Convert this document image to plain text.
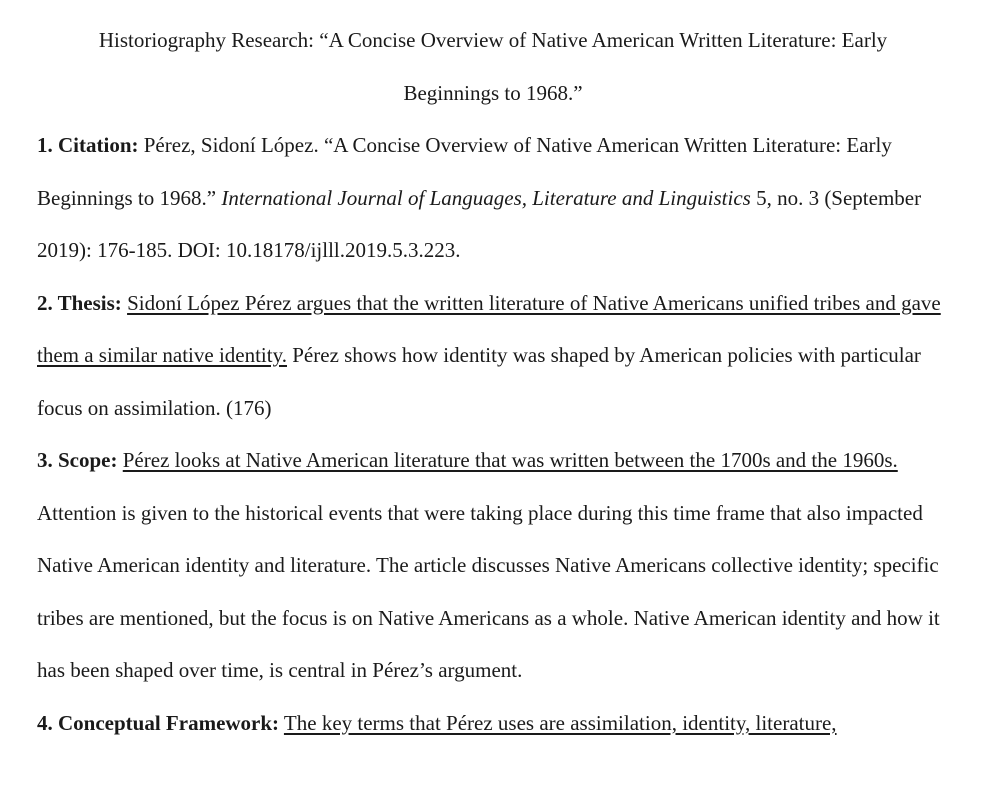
Historiography Research: “A Concise Overview of Native American Written Literature: Early
Beginnings to 1968.”

1. Citation: Pérez, Sidoní López. “A Concise Overview of Native American Written Literature: Early Beginnings to 1968.” International Journal of Languages, Literature and Linguistics 5, no. 3 (September 2019): 176-185. DOI: 10.18178/ijlll.2019.5.3.223.

2. Thesis: Sidoní López Pérez argues that the written literature of Native Americans unified tribes and gave them a similar native identity. Pérez shows how identity was shaped by American policies with particular focus on assimilation. (176)

3. Scope: Pérez looks at Native American literature that was written between the 1700s and the 1960s. Attention is given to the historical events that were taking place during this time frame that also impacted Native American identity and literature. The article discusses Native Americans collective identity; specific tribes are mentioned, but the focus is on Native Americans as a whole. Native American identity and how it has been shaped over time, is central in Pérez’s argument.

4. Conceptual Framework: The key terms that Pérez uses are assimilation, identity, literature,
